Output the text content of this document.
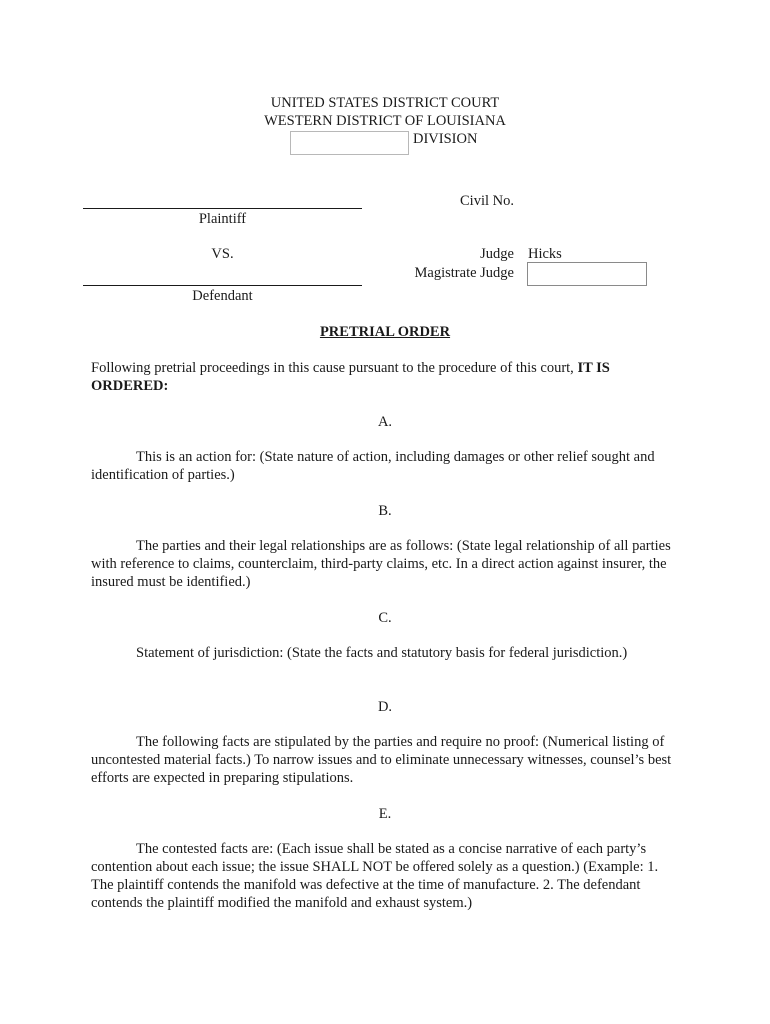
UNITED STATES DISTRICT COURT
WESTERN DISTRICT OF LOUISIANA
DIVISION
Plaintiff
VS.
Defendant
Civil No.
Judge Hicks
Magistrate Judge
PRETRIAL ORDER
Following pretrial proceedings in this cause pursuant to the procedure of this court, IT IS ORDERED:
A.

This is an action for: (State nature of action, including damages or other relief sought and identification of parties.)

B.

The parties and their legal relationships are as follows: (State legal relationship of all parties with reference to claims, counterclaim, third-party claims, etc. In a direct action against insurer, the insured must be identified.)

C.

Statement of jurisdiction: (State the facts and statutory basis for federal jurisdiction.)

D.

The following facts are stipulated by the parties and require no proof: (Numerical listing of uncontested material facts.) To narrow issues and to eliminate unnecessary witnesses, counsel’s best efforts are expected in preparing stipulations.

E.

The contested facts are: (Each issue shall be stated as a concise narrative of each party’s contention about each issue; the issue SHALL NOT be offered solely as a question.) (Example: 1. The plaintiff contends the manifold was defective at the time of manufacture. 2. The defendant contends the plaintiff modified the manifold and exhaust system.)
